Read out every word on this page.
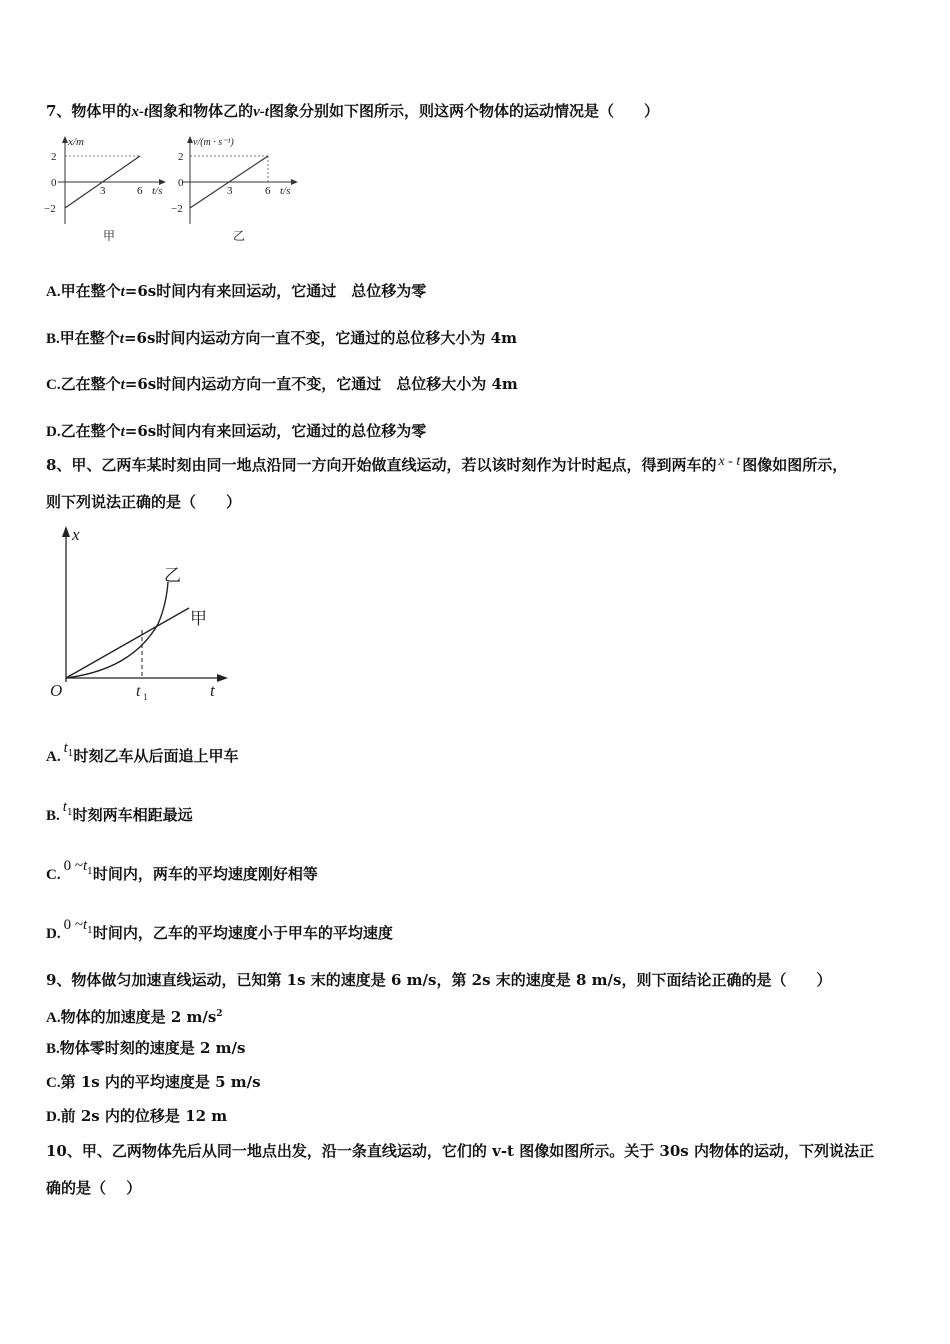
7、物体甲的x-t图象和物体乙的v-t图象分别如下图所示，则这两个物体的运动情况是（　　）
x/m
2
0
−2
3	6 t/s
甲
v/(m · s⁻¹)
2
0
−2
3	6 t/s
乙
A.甲在整个t=6s时间内有来回运动，它通过　总位移为零
B.甲在整个t=6s时间内运动方向一直不变，它通过的总位移大小为 4m
C.乙在整个t=6s时间内运动方向一直不变，它通过　总位移大小为 4m
D.乙在整个t=6s时间内有来回运动，它通过的总位移为零
8、甲、乙两车某时刻由同一地点沿同一方向开始做直线运动，若以该时刻作为计时起点，得到两车的 x - t 图像如图所示，
则下列说法正确的是（　　）
x
t
O	t 1
乙
甲
$A.t_1$时刻乙车从后面追上甲车
$B.t_1$时刻两车相距最远
C.0 $\sim t_1$时间内，两车的平均速度刚好相等
D.0 $\sim t_1$时间内，乙车的平均速度小于甲车的平均速度
9、物体做匀加速直线运动，已知第 1s 末的速度是 6 m/s，第 2s 末的速度是 8 m/s，则下面结论正确的是（　　）
A.物体的加速度是 2 $m/s^2$
B.物体零时刻的速度是 2 m/s
C.第 1s 内的平均速度是 5 m/s
D.前 2s 内的位移是 12 m
10、甲、乙两物体先后从同一地点出发，沿一条直线运动，它们的 v-t 图像如图所示。关于 30s 内物体的运动，下列说法正
确的是（　 ）
